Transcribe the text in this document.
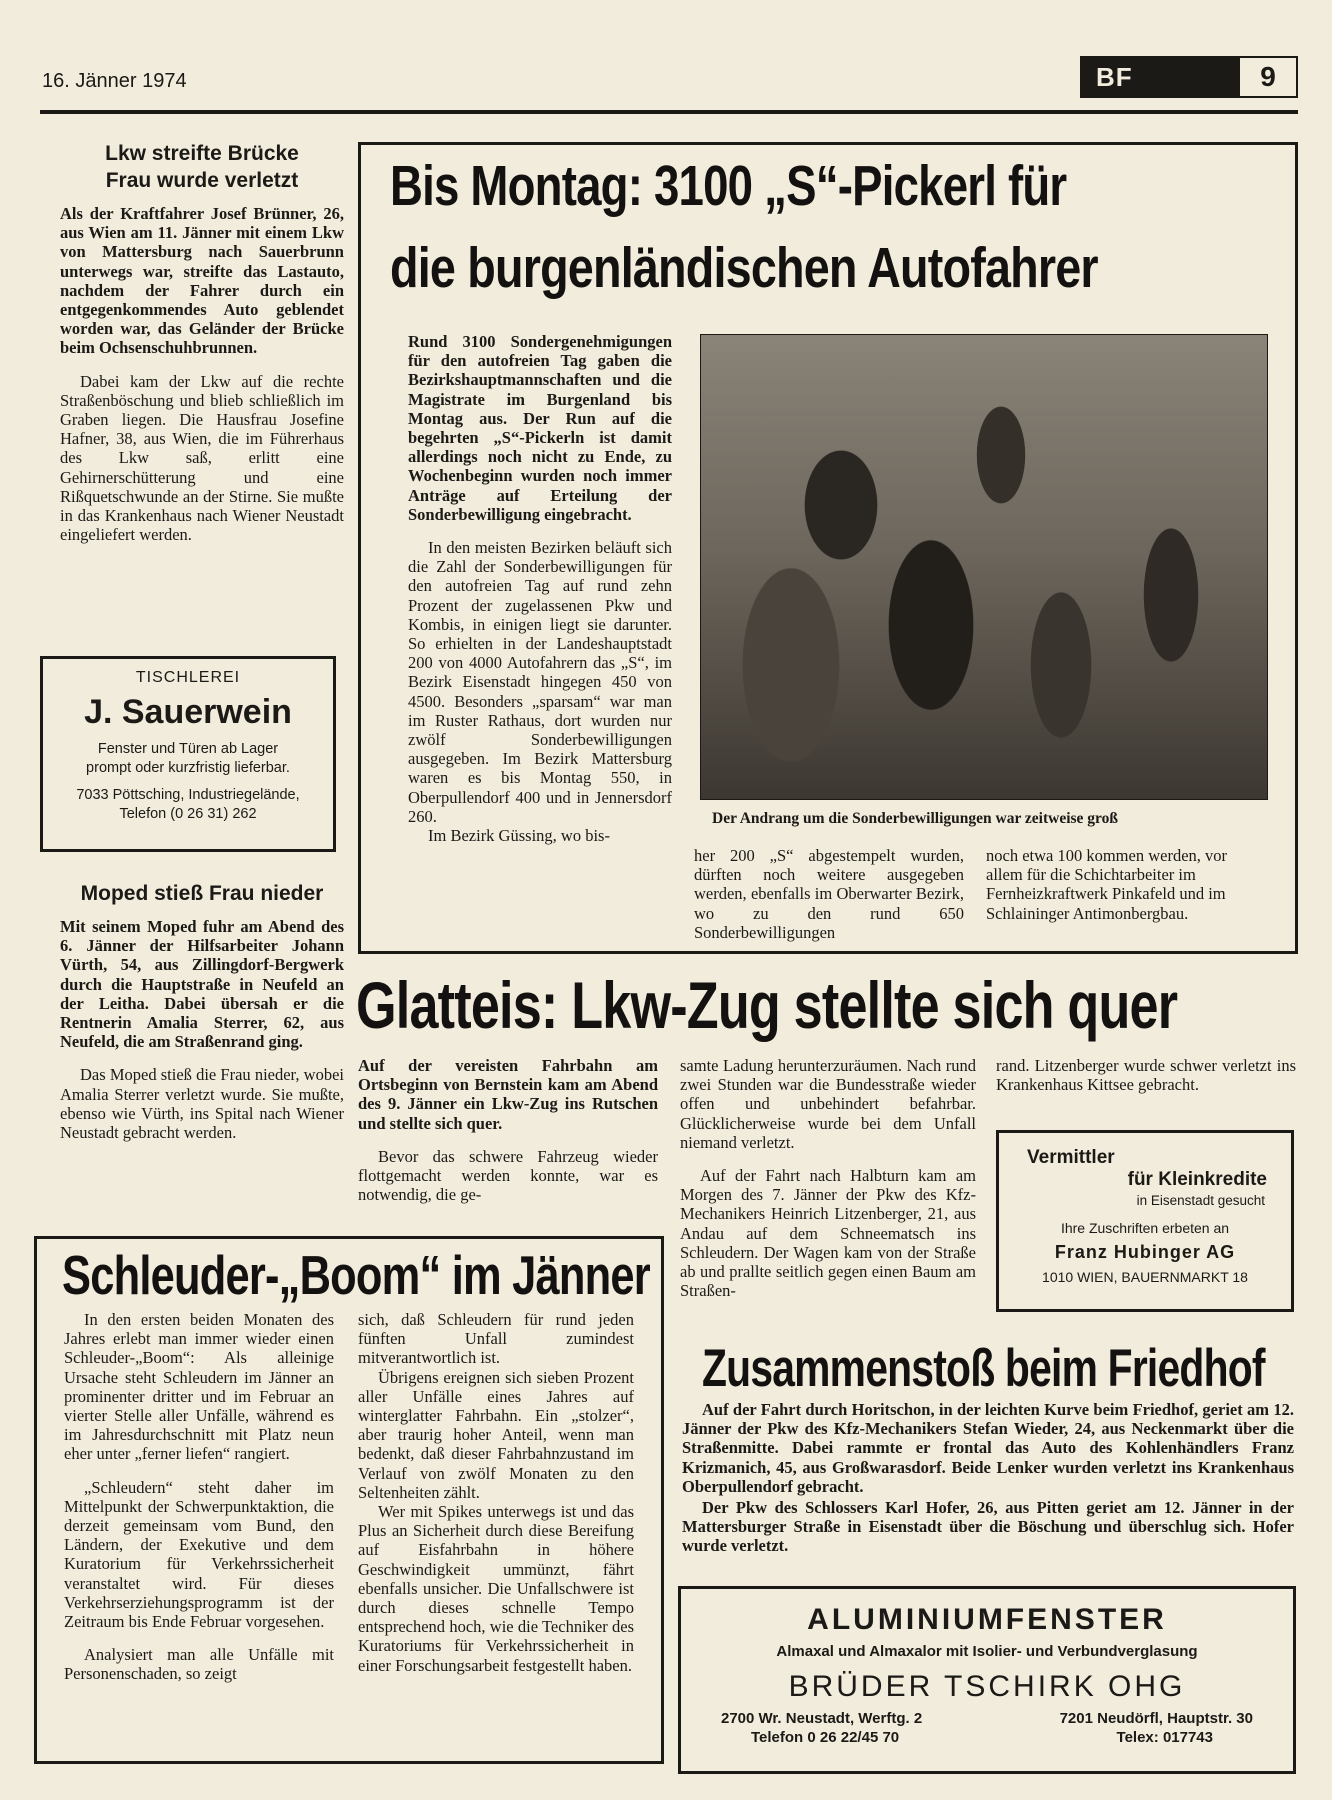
16. Jänner 1974	BF	9
Lkw streifte Brücke
Frau wurde verletzt

Als der Kraftfahrer Josef Brünner, 26, aus Wien am 11. Jänner mit einem Lkw von Mattersburg nach Sauerbrunn unterwegs war, streifte das Lastauto, nachdem der Fahrer durch ein entgegenkommendes Auto geblendet worden war, das Geländer der Brücke beim Ochsenschuhbrunnen.

Dabei kam der Lkw auf die rechte Straßenböschung und blieb schließlich im Graben liegen. Die Hausfrau Josefine Hafner, 38, aus Wien, die im Führerhaus des Lkw saß, erlitt eine Gehirnerschütterung und eine Rißquetschwunde an der Stirne. Sie mußte in das Krankenhaus nach Wiener Neustadt eingeliefert werden.

TISCHLEREI
J. Sauerwein
Fenster und Türen ab Lager
prompt oder kurzfristig lieferbar.
7033 Pöttsching, Industriegelände,
Telefon (0 26 31) 262
Moped stieß Frau nieder

Mit seinem Moped fuhr am Abend des 6. Jänner der Hilfsarbeiter Johann Vürth, 54, aus Zillingdorf-Bergwerk durch die Hauptstraße in Neufeld an der Leitha. Dabei übersah er die Rentnerin Amalia Sterrer, 62, aus Neufeld, die am Straßenrand ging.

Das Moped stieß die Frau nieder, wobei Amalia Sterrer verletzt wurde. Sie mußte, ebenso wie Vürth, ins Spital nach Wiener Neustadt gebracht werden.

Bis Montag: 3100 „S“-Pickerl für
die burgenländischen Autofahrer

Rund 3100 Sondergenehmigungen für den autofreien Tag gaben die Bezirkshauptmannschaften und die Magistrate im Burgenland bis Montag aus. Der Run auf die begehrten „S“-Pickerln ist damit allerdings noch nicht zu Ende, zu Wochenbeginn wurden noch immer Anträge auf Erteilung der Sonderbewilligung eingebracht.

In den meisten Bezirken beläuft sich die Zahl der Sonderbewilligungen für den autofreien Tag auf rund zehn Prozent der zugelassenen Pkw und Kombis, in einigen liegt sie darunter. So erhielten in der Landeshauptstadt 200 von 4000 Autofahrern das „S“, im Bezirk Eisenstadt hingegen 450 von 4500. Besonders „sparsam“ war man im Ruster Rathaus, dort wurden nur zwölf Sonderbewilligungen ausgegeben. Im Bezirk Mattersburg waren es bis Montag 550, in Oberpullendorf 400 und in Jennersdorf 260.

Im Bezirk Güssing, wo bis-

Der Andrang um die Sonderbewilligungen war zeitweise groß

her 200 „S“ abgestempelt wurden, dürften noch weitere ausgegeben werden, ebenfalls im Oberwarter Bezirk, wo zu den rund 650 Sonderbewilligungen

noch etwa 100 kommen werden, vor allem für die Schichtarbeiter im Fernheizkraftwerk Pinkafeld und im Schlaininger Antimonbergbau.

Glatteis: Lkw-Zug stellte sich quer

Auf der vereisten Fahrbahn am Ortsbeginn von Bernstein kam am Abend des 9. Jänner ein Lkw-Zug ins Rutschen und stellte sich quer.

Bevor das schwere Fahrzeug wieder flottgemacht werden konnte, war es notwendig, die ge-

samte Ladung herunterzuräumen. Nach rund zwei Stunden war die Bundesstraße wieder offen und unbehindert befahrbar. Glücklicherweise wurde bei dem Unfall niemand verletzt.

Auf der Fahrt nach Halbturn kam am Morgen des 7. Jänner der Pkw des Kfz-Mechanikers Heinrich Litzenberger, 21, aus Andau auf dem Schneematsch ins Schleudern. Der Wagen kam von der Straße ab und prallte seitlich gegen einen Baum am Straßen-

rand. Litzenberger wurde schwer verletzt ins Krankenhaus Kittsee gebracht.

Vermittler
für Kleinkredite
in Eisenstadt gesucht
Ihre Zuschriften erbeten an
Franz Hubinger AG
1010 WIEN, BAUERNMARKT 18
Schleuder-„Boom“ im Jänner

In den ersten beiden Monaten des Jahres erlebt man immer wieder einen Schleuder-„Boom“: Als alleinige Ursache steht Schleudern im Jänner an prominenter dritter und im Februar an vierter Stelle aller Unfälle, während es im Jahresdurchschnitt mit Platz neun eher unter „ferner liefen“ rangiert.

„Schleudern“ steht daher im Mittelpunkt der Schwerpunktaktion, die derzeit gemeinsam vom Bund, den Ländern, der Exekutive und dem Kuratorium für Verkehrssicherheit veranstaltet wird. Für dieses Verkehrserziehungsprogramm ist der Zeitraum bis Ende Februar vorgesehen.

Analysiert man alle Unfälle mit Personenschaden, so zeigt

sich, daß Schleudern für rund jeden fünften Unfall zumindest mitverantwortlich ist.

Übrigens ereignen sich sieben Prozent aller Unfälle eines Jahres auf winterglatter Fahrbahn. Ein „stolzer“, aber traurig hoher Anteil, wenn man bedenkt, daß dieser Fahrbahnzustand im Verlauf von zwölf Monaten zu den Seltenheiten zählt.

Wer mit Spikes unterwegs ist und das Plus an Sicherheit durch diese Bereifung auf Eisfahrbahn in höhere Geschwindigkeit ummünzt, fährt ebenfalls unsicher. Die Unfallschwere ist durch dieses schnelle Tempo entsprechend hoch, wie die Techniker des Kuratoriums für Verkehrssicherheit in einer Forschungsarbeit festgestellt haben.

Zusammenstoß beim Friedhof

Auf der Fahrt durch Horitschon, in der leichten Kurve beim Friedhof, geriet am 12. Jänner der Pkw des Kfz-Mechanikers Stefan Wieder, 24, aus Neckenmarkt über die Straßenmitte. Dabei rammte er frontal das Auto des Kohlenhändlers Franz Krizmanich, 45, aus Großwarasdorf. Beide Lenker wurden verletzt ins Krankenhaus Oberpullendorf gebracht.

Der Pkw des Schlossers Karl Hofer, 26, aus Pitten geriet am 12. Jänner in der Mattersburger Straße in Eisenstadt über die Böschung und überschlug sich. Hofer wurde verletzt.

ALUMINIUMFENSTER
Almaxal und Almaxalor mit Isolier- und Verbundverglasung
BRÜDER TSCHIRK OHG
2700 Wr. Neustadt, Werftg. 2	7201 Neudörfl, Hauptstr. 30
Telefon 0 26 22/45 70	Telex: 017743
